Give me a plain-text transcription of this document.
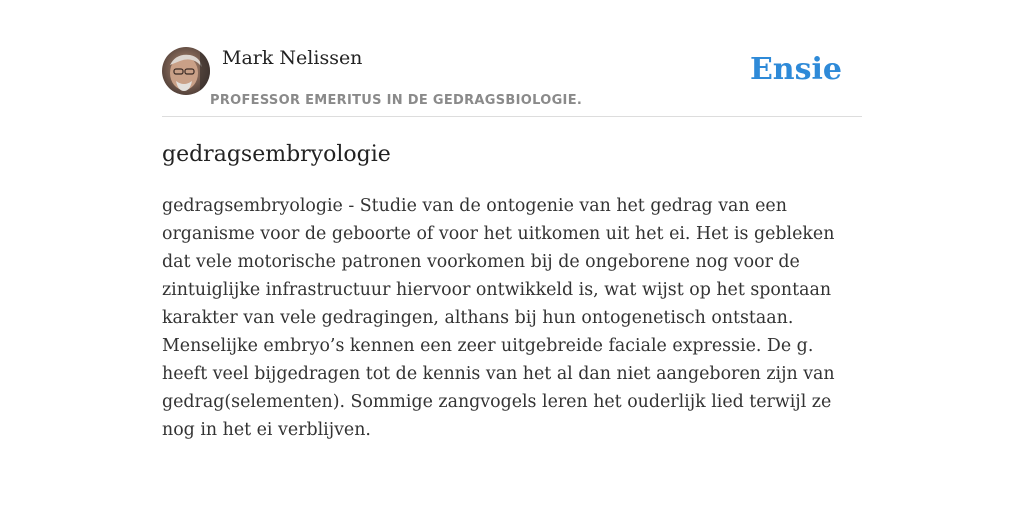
Mark Nelissen
PROFESSOR EMERITUS IN DE GEDRAGSBIOLOGIE.
Ensie
gedragsembryologie

gedragsembryologie - Studie van de ontogenie van het gedrag van een organisme voor de geboorte of voor het uitkomen uit het ei. Het is gebleken dat vele motorische patronen voorkomen bij de ongeborene nog voor de zintuiglijke infrastructuur hiervoor ontwikkeld is, wat wijst op het spontaan karakter van vele gedragingen, althans bij hun ontogenetisch ontstaan. Menselijke embryo’s kennen een zeer uitgebreide faciale expressie. De g. heeft veel bijgedragen tot de kennis van het al dan niet aangeboren zijn van gedrag(selementen). Sommige zangvogels leren het ouderlijk lied terwijl ze nog in het ei verblijven.
